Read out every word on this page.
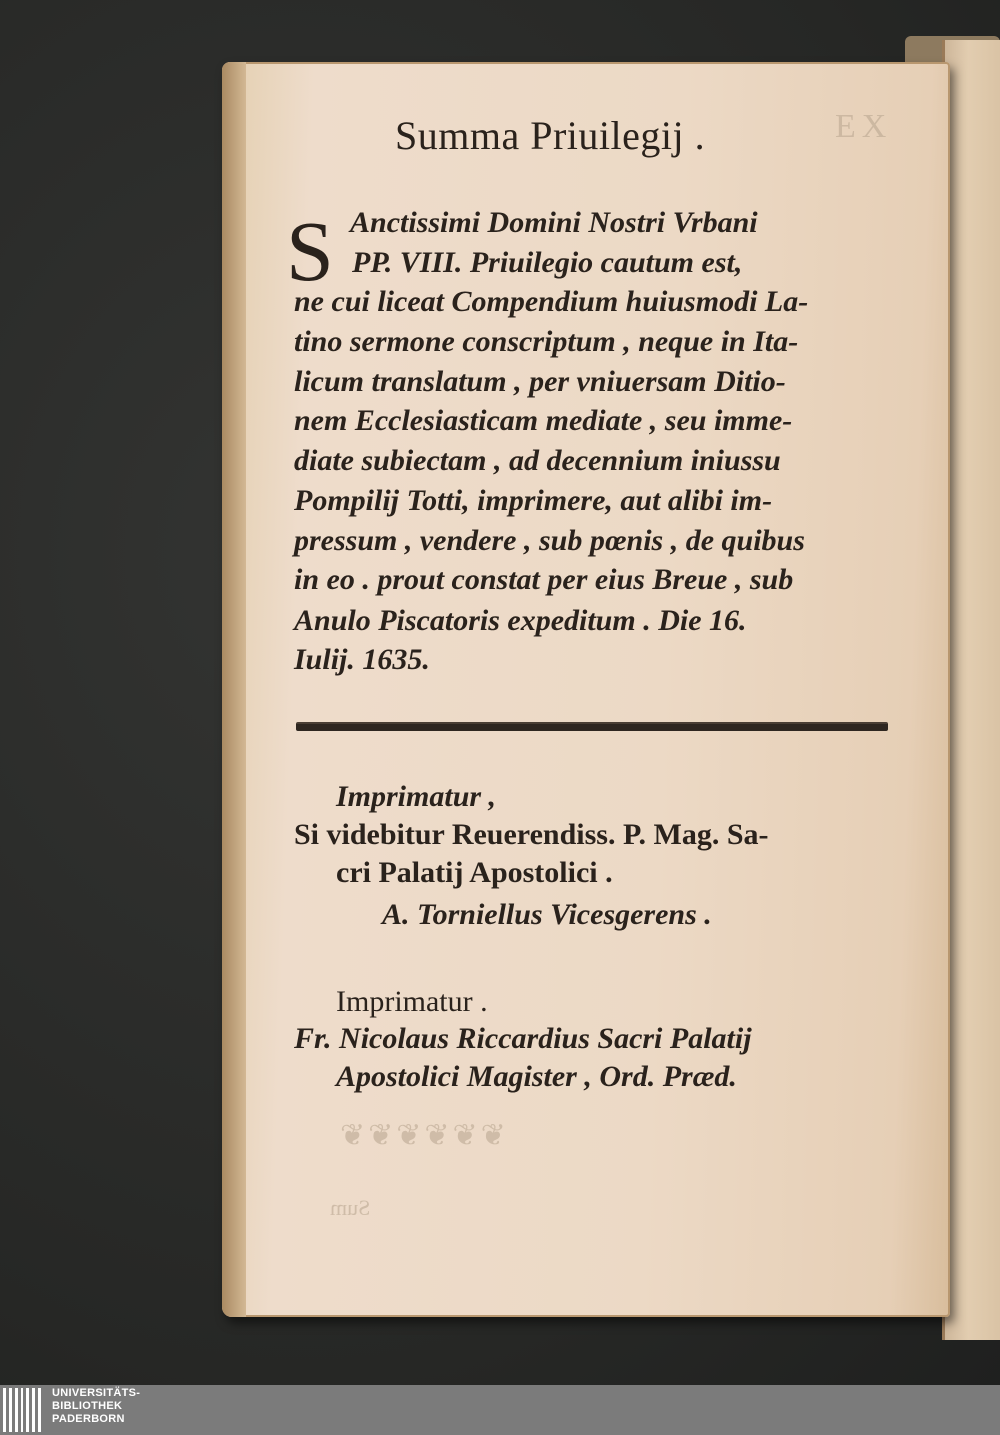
EX
❦❦❦❦❦❦
Sum
Summa Priuilegij .
S Anctissimi Domini Nostri Vrbani
PP. VIII. Priuilegio cautum est,
ne cui liceat Compendium huiusmodi La-
tino sermone conscriptum , neque in Ita-
licum translatum , per vniuersam Ditio-
nem Ecclesiasticam mediate , seu imme-
diate subiectam , ad decennium iniussu
Pompilij Totti, imprimere, aut alibi im-
pressum , vendere , sub pœnis , de quibus
in eo . prout constat per eius Breue , sub
Anulo Piscatoris expeditum . Die 16.
Iulij. 1635.
Imprimatur ,
Si videbitur Reuerendiss. P. Mag. Sa-
cri Palatij Apostolici .
A. Torniellus Vicesgerens .
Imprimatur .
Fr. Nicolaus Riccardius Sacri Palatij
Apostolici Magister , Ord. Præd.
UNIVERSITÄTS-
BIBLIOTHEK
PADERBORN
